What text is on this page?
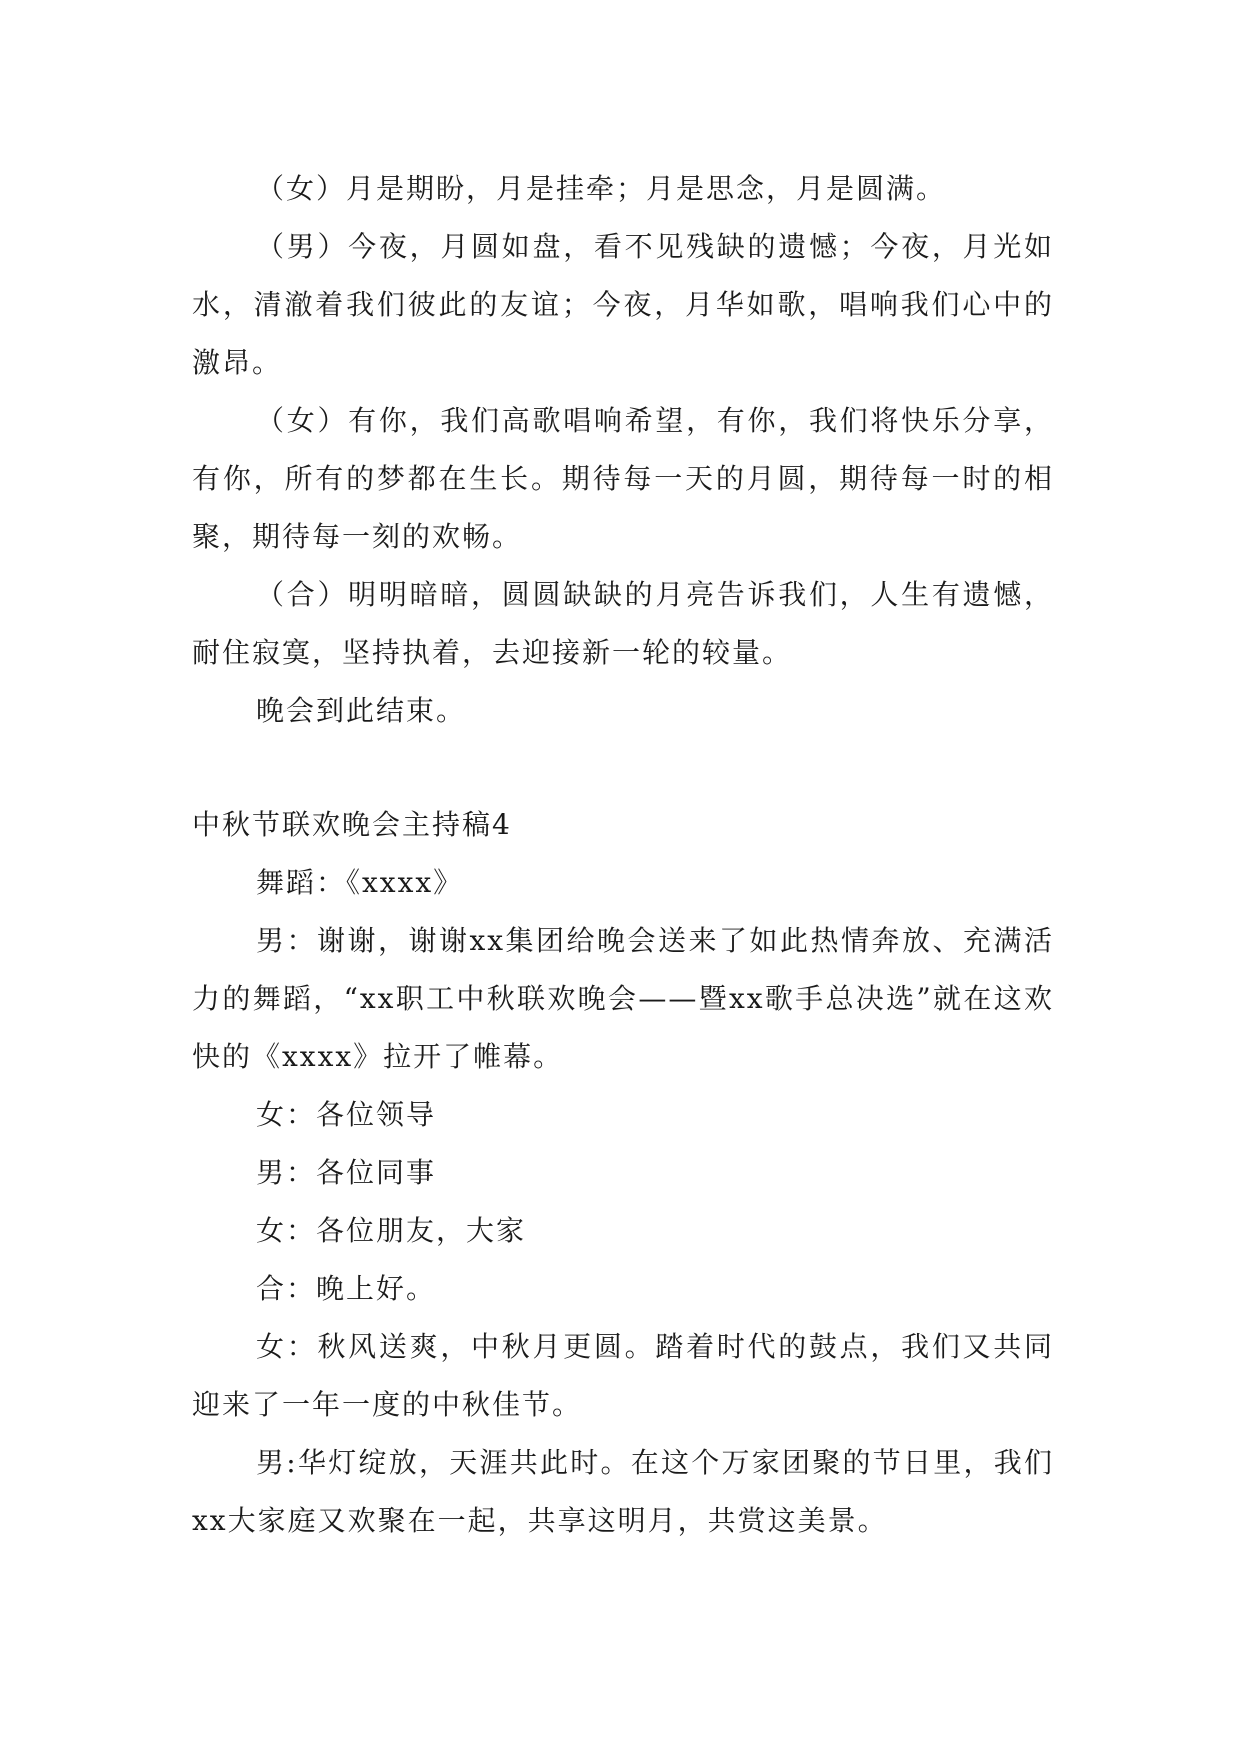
（女）月是期盼，月是挂牵；月是思念，月是圆满。

（男）今夜，月圆如盘，看不见残缺的遗憾；今夜，月光如水，清澈着我们彼此的友谊；今夜，月华如歌，唱响我们心中的激昂。

（女）有你，我们高歌唱响希望，有你，我们将快乐分享，有你，所有的梦都在生长。期待每一天的月圆，期待每一时的相聚，期待每一刻的欢畅。

（合）明明暗暗，圆圆缺缺的月亮告诉我们，人生有遗憾，耐住寂寞，坚持执着，去迎接新一轮的较量。

晚会到此结束。

中秋节联欢晚会主持稿4

舞蹈：《xxxx》

男：谢谢，谢谢xx集团给晚会送来了如此热情奔放、充满活力的舞蹈，“xx职工中秋联欢晚会——暨xx歌手总决选”就在这欢快的《xxxx》拉开了帷幕。

女：各位领导

男：各位同事

女：各位朋友，大家

合：晚上好。

女：秋风送爽，中秋月更圆。踏着时代的鼓点，我们又共同迎来了一年一度的中秋佳节。

男:华灯绽放，天涯共此时。在这个万家团聚的节日里，我们xx大家庭又欢聚在一起，共享这明月，共赏这美景。
